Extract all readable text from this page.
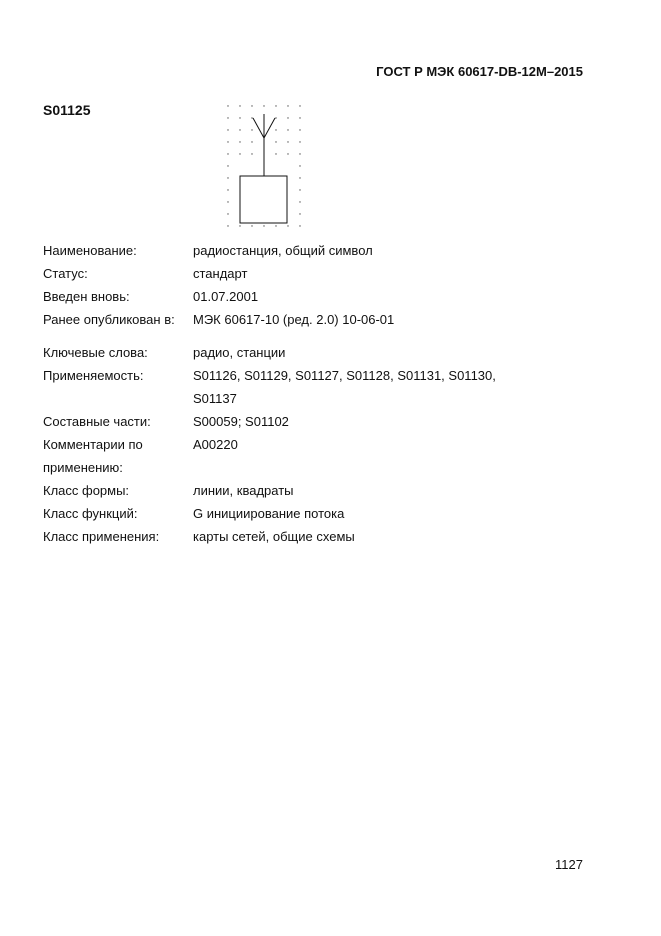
ГОСТ Р МЭК 60617-DB-12M–2015
S01125
Наименование:	радиостанция, общий символ
Статус:	стандарт
Введен вновь:	01.07.2001
Ранее опубликован в:	МЭК 60617-10 (ред. 2.0) 10-06-01
Ключевые слова:	радио, станции
Применяемость:	S01126, S01129, S01127, S01128, S01131, S01130, S01137
Составные части:	S00059; S01102
Комментарии по
применению:
A00220
Класс формы:	линии, квадраты
Класс функций:	G инициирование потока
Класс применения:	карты сетей, общие схемы
1127
